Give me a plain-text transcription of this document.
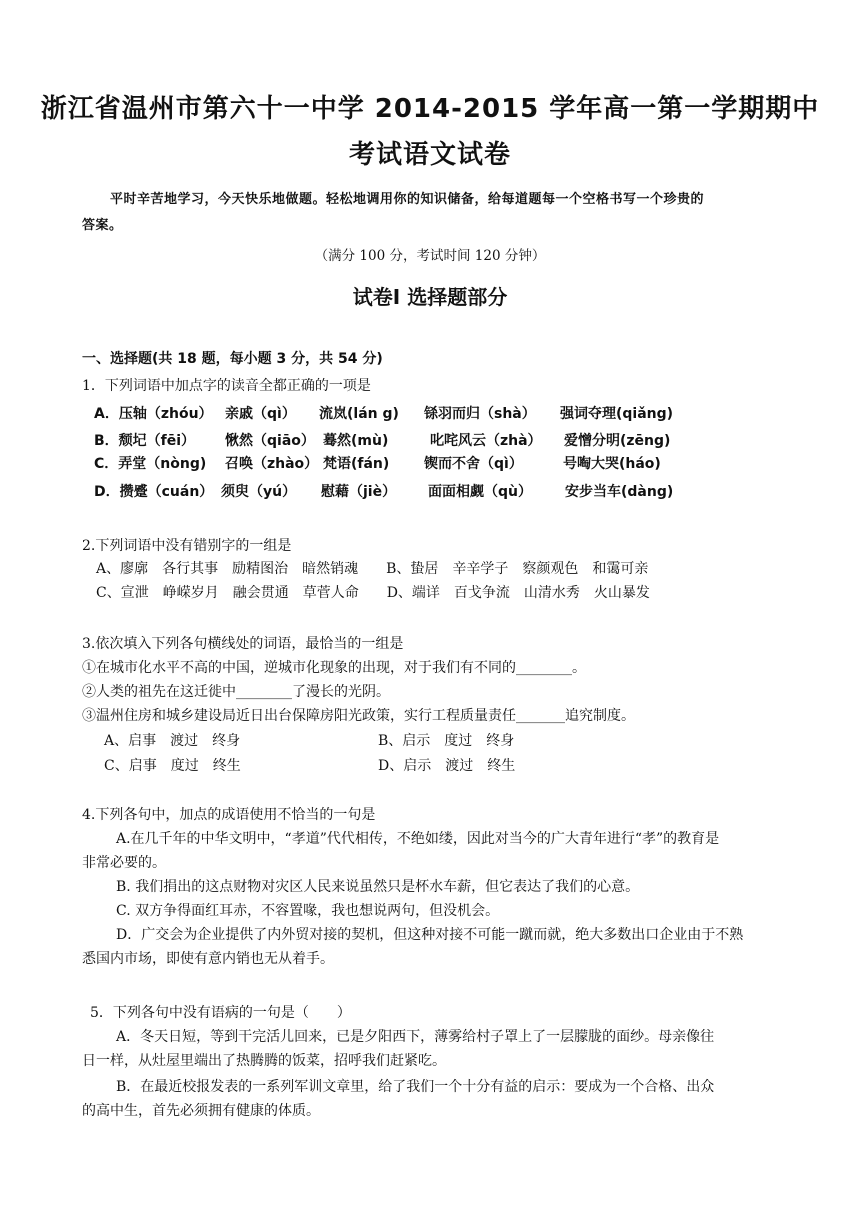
浙江省温州市第六十一中学 2014-2015 学年高一第一学期期中
考试语文试卷
平时辛苦地学习，今天快乐地做题。轻松地调用你的知识储备，给每道题每一个空格书写一个珍贵的
答案。
（满分 100 分，考试时间 120 分钟）
试卷Ⅰ 选择题部分
一、选择题(共 18 题，每小题 3 分，共 54 分)
1．下列词语中加点字的读音全都正确的一项是
A．压轴（zhóu） 亲戚（qì） 流岚(lán g) 铩羽而归（shà） 强词夺理(qiǎng)
B．颓圮（fēi） 愀然（qiāo） 蓦然(mù)	叱咤风云（zhà） 爱憎分明(zēng)
C．弄堂（nòng) 召唤（zhào） 梵语(fán) 锲而不舍（qì）	号啕大哭(háo)
D．攒蹙（cuán） 须臾（yú） 慰藉（jiè） 面面相觑（qù） 安步当车(dàng)
2.下列词语中没有错别字的一组是
A、廖廓　各行其事　励精图治　暗然销魂　　B、蛰居　辛辛学子　察颜观色　和霭可亲
C、宣泄　峥嵘岁月　融会贯通　草菅人命　　D、端详　百戈争流　山清水秀　火山暴发
3.依次填入下列各句横线处的词语，最恰当的一组是
①在城市化水平不高的中国，逆城市化现象的出现，对于我们有不同的________。
②人类的祖先在这迁徙中________了漫长的光阴。
③温州住房和城乡建设局近日出台保障房阳光政策，实行工程质量责任_______追究制度。
A、启事　渡过　终身	B、启示　度过　终身
C、启事　度过　终生	D、启示　渡过　终生
4.下列各句中，加点的成语使用不恰当的一句是
A.在几千年的中华文明中，“孝道”代代相传，不绝如缕，因此对当今的广大青年进行“孝”的教育是
非常必要的。
B. 我们捐出的这点财物对灾区人民来说虽然只是杯水车薪，但它表达了我们的心意。
C. 双方争得面红耳赤，不容置喙，我也想说两句，但没机会。
D．广交会为企业提供了内外贸对接的契机，但这种对接不可能一蹴而就，绝大多数出口企业由于不熟
悉国内市场，即使有意内销也无从着手。
5．下列各句中没有语病的一句是（　　）
A．冬天日短，等到干完活儿回来，已是夕阳西下，薄雾给村子罩上了一层朦胧的面纱。母亲像往
日一样，从灶屋里端出了热腾腾的饭菜，招呼我们赶紧吃。
B．在最近校报发表的一系列军训文章里，给了我们一个十分有益的启示：要成为一个合格、出众
的高中生，首先必须拥有健康的体质。
